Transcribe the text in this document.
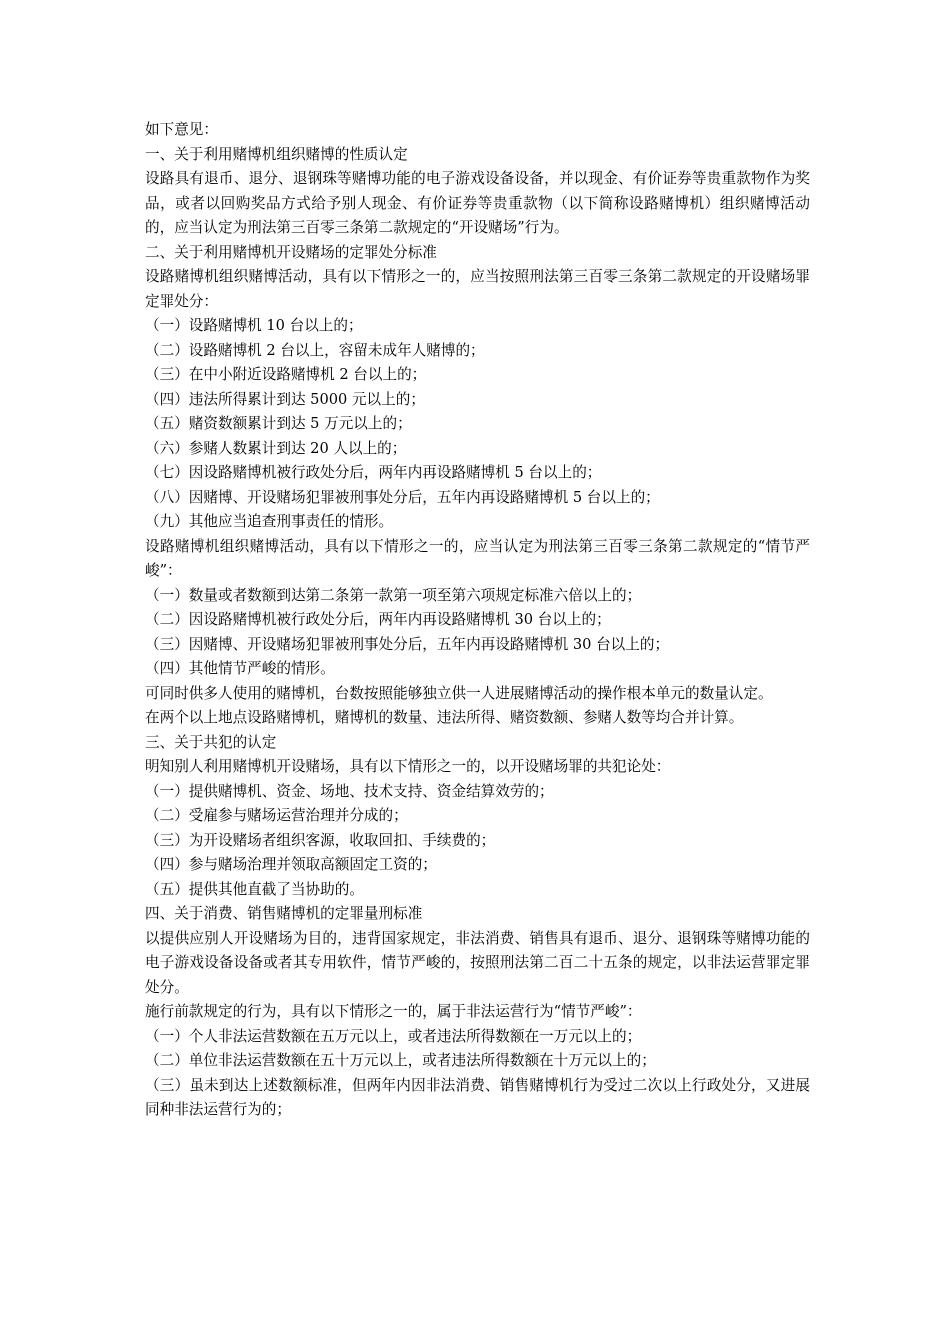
如下意见：

一、关于利用赌博机组织赌博的性质认定

设路具有退币、退分、退钢珠等赌博功能的电子游戏设备设备，并以现金、有价证券等贵重款物作为奖品，或者以回购奖品方式给予别人现金、有价证券等贵重款物（以下简称设路赌博机）组织赌博活动的，应当认定为刑法第三百零三条第二款规定的“开设赌场”行为。

二、关于利用赌博机开设赌场的定罪处分标准

设路赌博机组织赌博活动，具有以下情形之一的，应当按照刑法第三百零三条第二款规定的开设赌场罪定罪处分：

（一）设路赌博机 10 台以上的；

（二）设路赌博机 2 台以上，容留未成年人赌博的；

（三）在中小附近设路赌博机 2 台以上的；

（四）违法所得累计到达 5000 元以上的；

（五）赌资数额累计到达 5 万元以上的；

（六）参赌人数累计到达 20 人以上的；

（七）因设路赌博机被行政处分后，两年内再设路赌博机 5 台以上的；

（八）因赌博、开设赌场犯罪被刑事处分后，五年内再设路赌博机 5 台以上的；

（九）其他应当追查刑事责任的情形。

设路赌博机组织赌博活动，具有以下情形之一的，应当认定为刑法第三百零三条第二款规定的“情节严峻”：

（一）数量或者数额到达第二条第一款第一项至第六项规定标准六倍以上的；

（二）因设路赌博机被行政处分后，两年内再设路赌博机 30 台以上的；

（三）因赌博、开设赌场犯罪被刑事处分后，五年内再设路赌博机 30 台以上的；

（四）其他情节严峻的情形。

可同时供多人使用的赌博机，台数按照能够独立供一人进展赌博活动的操作根本单元的数量认定。

在两个以上地点设路赌博机，赌博机的数量、违法所得、赌资数额、参赌人数等均合并计算。

三、关于共犯的认定

明知别人利用赌博机开设赌场，具有以下情形之一的，以开设赌场罪的共犯论处：

（一）提供赌博机、资金、场地、技术支持、资金结算效劳的；

（二）受雇参与赌场运营治理并分成的；

（三）为开设赌场者组织客源，收取回扣、手续费的；

（四）参与赌场治理并领取高额固定工资的；

（五）提供其他直截了当协助的。

四、关于消费、销售赌博机的定罪量刑标准

以提供应别人开设赌场为目的，违背国家规定，非法消费、销售具有退币、退分、退钢珠等赌博功能的电子游戏设备设备或者其专用软件，情节严峻的，按照刑法第二百二十五条的规定，以非法运营罪定罪处分。

施行前款规定的行为，具有以下情形之一的，属于非法运营行为“情节严峻”：

（一）个人非法运营数额在五万元以上，或者违法所得数额在一万元以上的；

（二）单位非法运营数额在五十万元以上，或者违法所得数额在十万元以上的；

（三）虽未到达上述数额标准，但两年内因非法消费、销售赌博机行为受过二次以上行政处分，又进展同种非法运营行为的；
